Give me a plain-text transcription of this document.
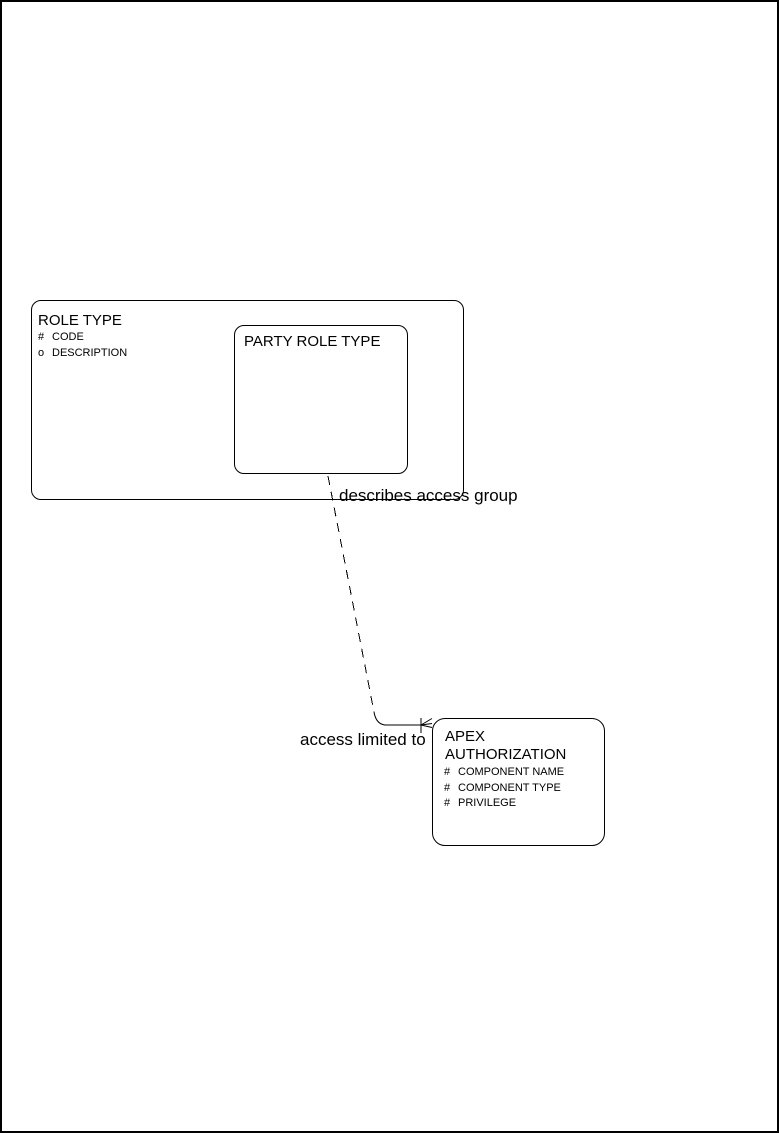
ROLE TYPE
# CODE
o DESCRIPTION
PARTY ROLE TYPE
APEX AUTHORIZATION
# COMPONENT NAME
# COMPONENT TYPE
# PRIVILEGE
describes access group
access limited to
